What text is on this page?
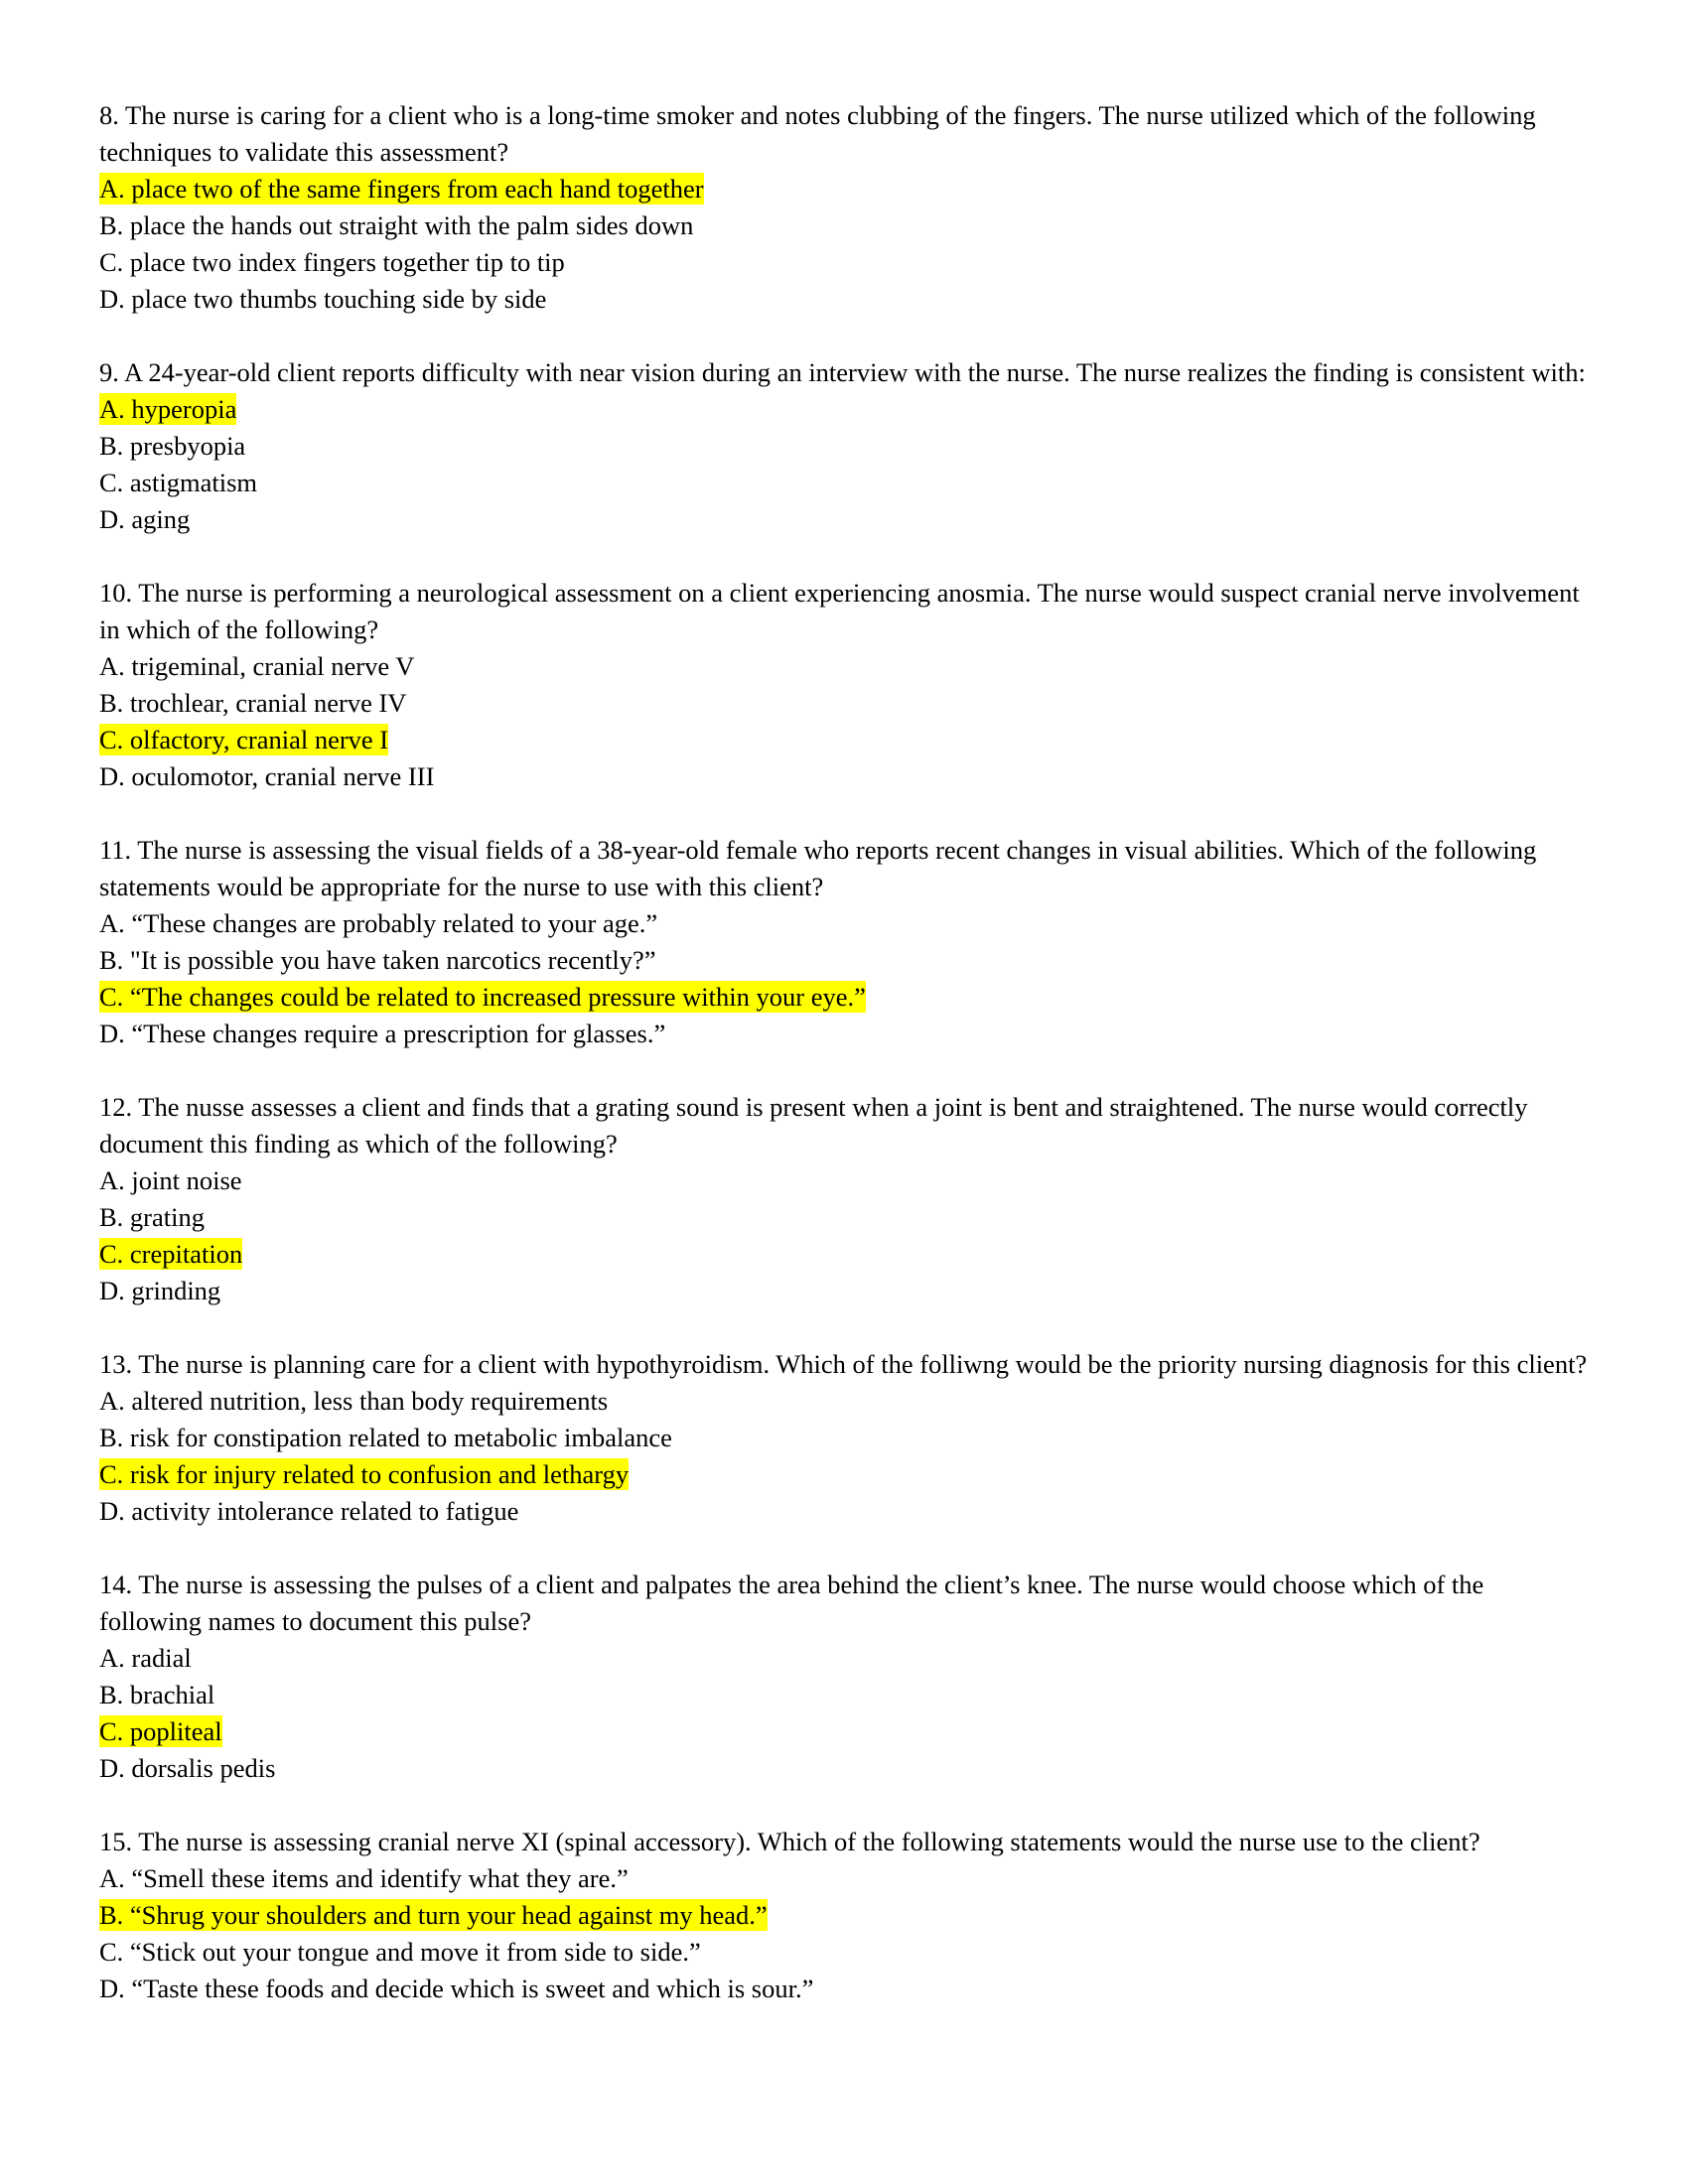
8. The nurse is caring for a client who is a long-time smoker and notes clubbing of the fingers. The nurse utilized which of the following techniques to validate this assessment?

A. place two of the same fingers from each hand together
B. place the hands out straight with the palm sides down
C. place two index fingers together tip to tip
D. place two thumbs touching side by side

9. A 24-year-old client reports difficulty with near vision during an interview with the nurse. The nurse realizes the finding is consistent with:

A. hyperopia
B. presbyopia
C. astigmatism
D. aging

10. The nurse is performing a neurological assessment on a client experiencing anosmia. The nurse would suspect cranial nerve involvement in which of the following?

A. trigeminal, cranial nerve V
B. trochlear, cranial nerve IV
C. olfactory, cranial nerve I
D. oculomotor, cranial nerve III

11. The nurse is assessing the visual fields of a 38-year-old female who reports recent changes in visual abilities. Which of the following statements would be appropriate for the nurse to use with this client?

A. “These changes are probably related to your age.”
B. "It is possible you have taken narcotics recently?”
C. “The changes could be related to increased pressure within your eye.”
D. “These changes require a prescription for glasses.”

12. The nusse assesses a client and finds that a grating sound is present when a joint is bent and straightened. The nurse would correctly document this finding as which of the following?

A. joint noise
B. grating
C. crepitation
D. grinding

13. The nurse is planning care for a client with hypothyroidism. Which of the folliwng would be the priority nursing diagnosis for this client?

A. altered nutrition, less than body requirements
B. risk for constipation related to metabolic imbalance
C. risk for injury related to confusion and lethargy
D. activity intolerance related to fatigue

14. The nurse is assessing the pulses of a client and palpates the area behind the client’s knee. The nurse would choose which of the following names to document this pulse?

A. radial
B. brachial
C. popliteal
D. dorsalis pedis

15. The nurse is assessing cranial nerve XI (spinal accessory). Which of the following statements would the nurse use to the client?

A. “Smell these items and identify what they are.”
B. “Shrug your shoulders and turn your head against my head.”
C. “Stick out your tongue and move it from side to side.”
D. “Taste these foods and decide which is sweet and which is sour.”
